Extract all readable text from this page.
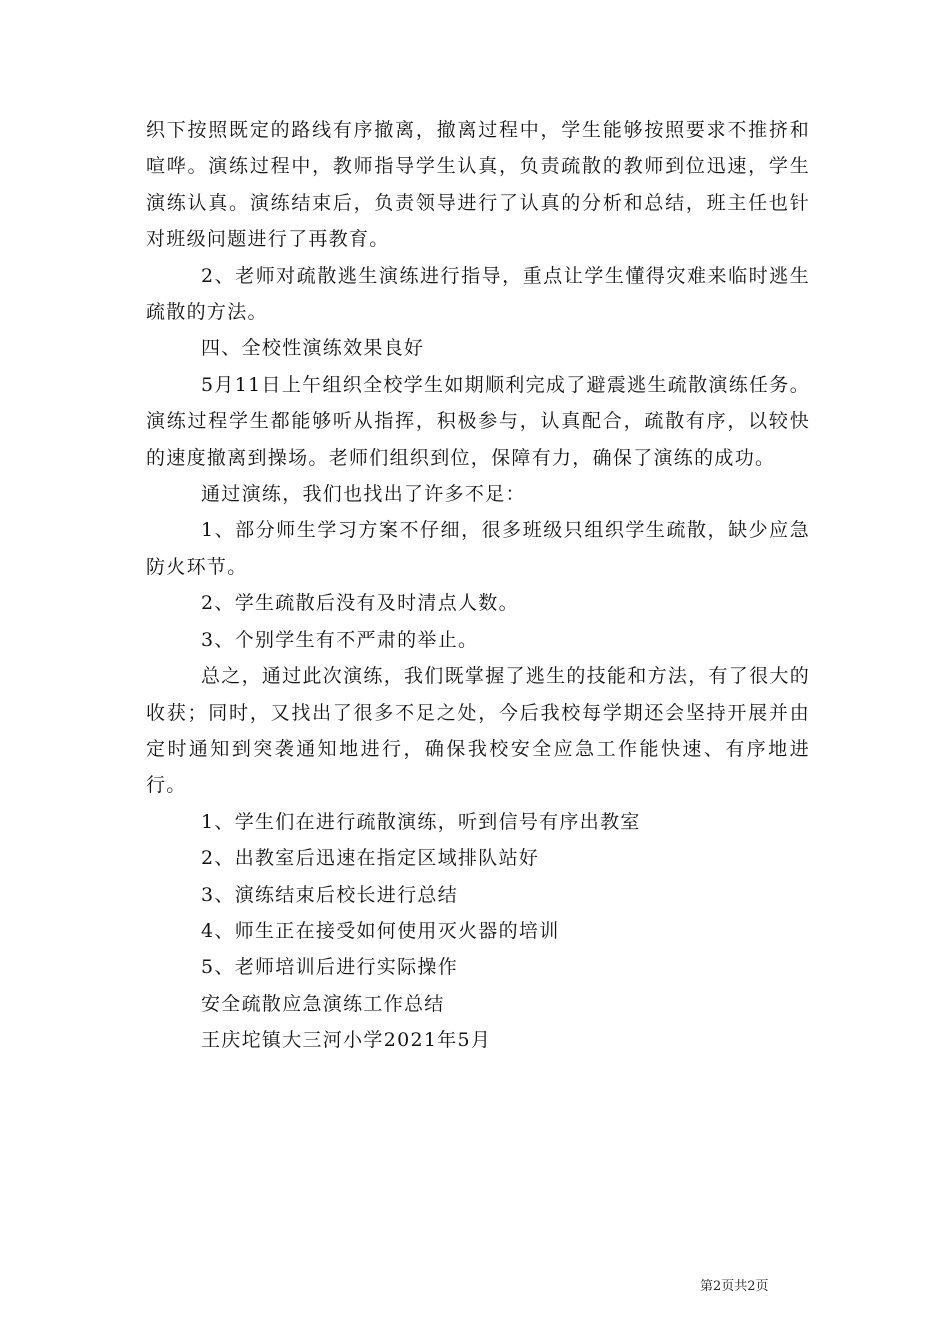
织下按照既定的路线有序撤离，撤离过程中，学生能够按照要求不推挤和喧哗。演练过程中，教师指导学生认真，负责疏散的教师到位迅速，学生演练认真。演练结束后，负责领导进行了认真的分析和总结，班主任也针对班级问题进行了再教育。

2、老师对疏散逃生演练进行指导，重点让学生懂得灾难来临时逃生疏散的方法。

四、全校性演练效果良好

5月11日上午组织全校学生如期顺利完成了避震逃生疏散演练任务。演练过程学生都能够听从指挥，积极参与，认真配合，疏散有序，以较快的速度撤离到操场。老师们组织到位，保障有力，确保了演练的成功。

通过演练，我们也找出了许多不足：

1、部分师生学习方案不仔细，很多班级只组织学生疏散，缺少应急防火环节。

2、学生疏散后没有及时清点人数。

3、个别学生有不严肃的举止。

总之，通过此次演练，我们既掌握了逃生的技能和方法，有了很大的收获；同时，又找出了很多不足之处，今后我校每学期还会坚持开展并由定时通知到突袭通知地进行，确保我校安全应急工作能快速、有序地进行。

1、学生们在进行疏散演练，听到信号有序出教室

2、出教室后迅速在指定区域排队站好

3、演练结束后校长进行总结

4、师生正在接受如何使用灭火器的培训

5、老师培训后进行实际操作

安全疏散应急演练工作总结

王庆坨镇大三河小学2021年5月

第2页共2页
